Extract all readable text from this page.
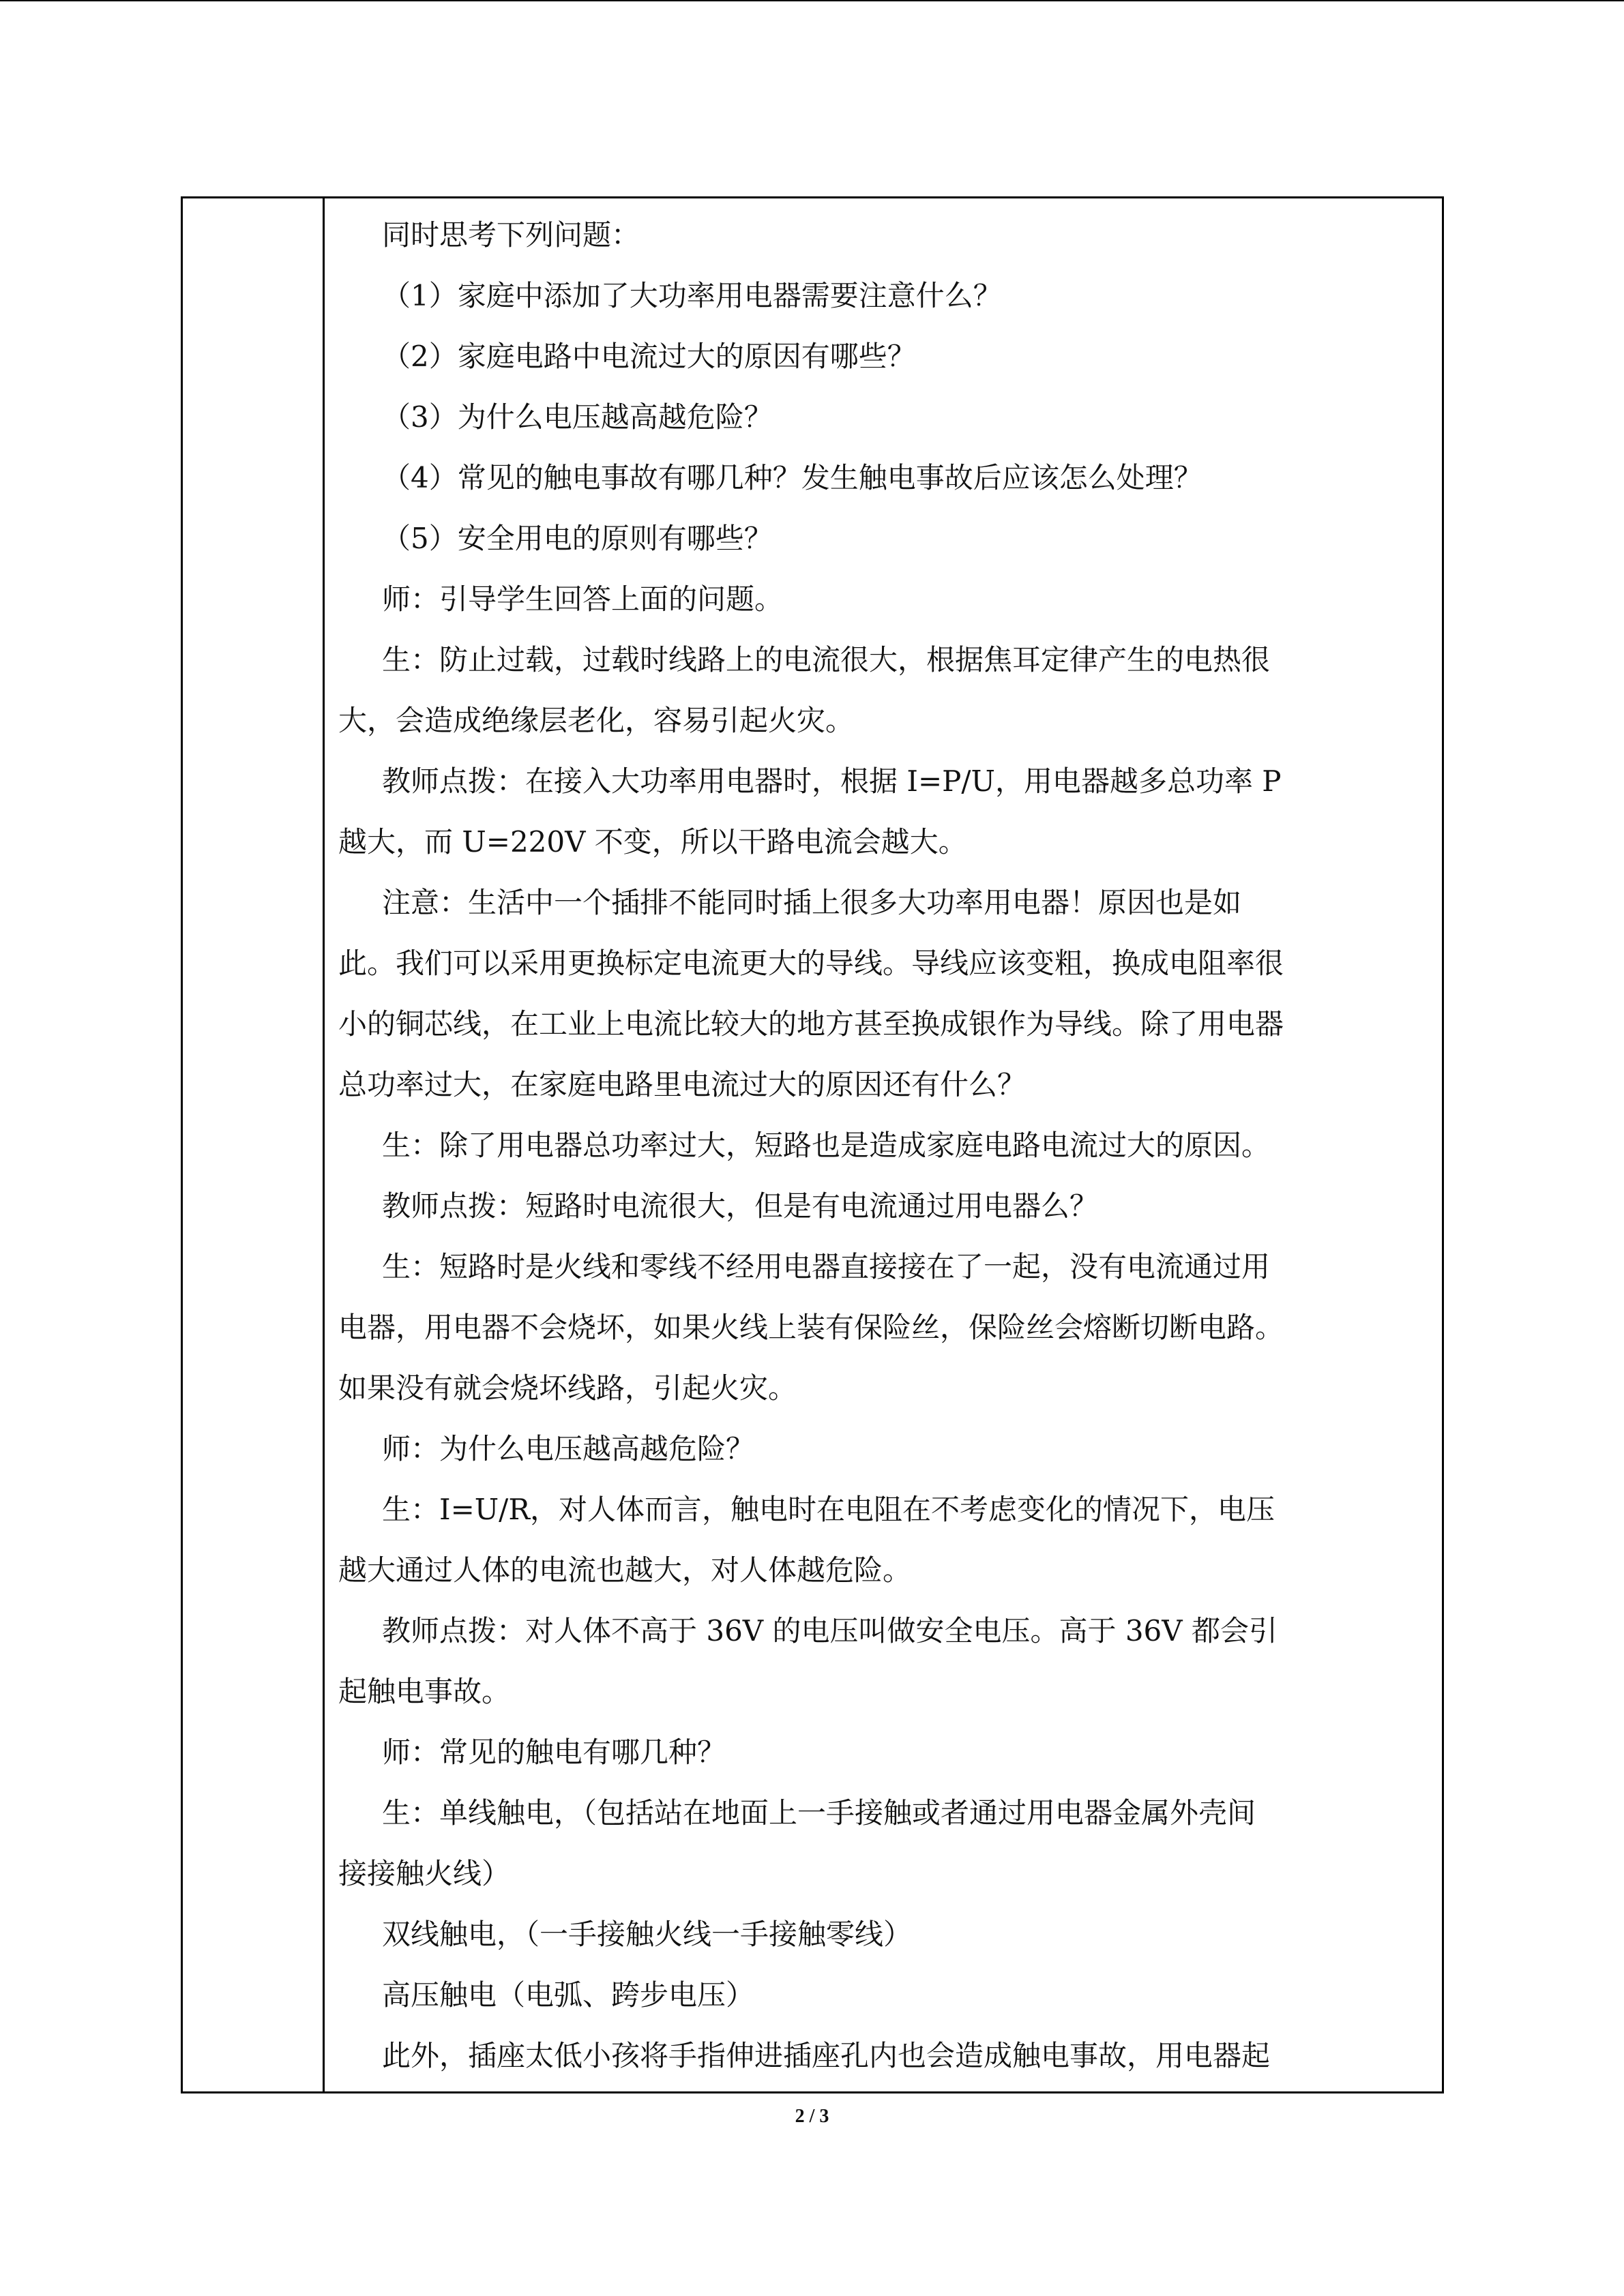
同时思考下列问题：
（1）家庭中添加了大功率用电器需要注意什么？
（2）家庭电路中电流过大的原因有哪些？
（3）为什么电压越高越危险？
（4）常见的触电事故有哪几种？发生触电事故后应该怎么处理？
（5）安全用电的原则有哪些？
师：引导学生回答上面的问题。
生：防止过载，过载时线路上的电流很大，根据焦耳定律产生的电热很
大，会造成绝缘层老化，容易引起火灾。
教师点拨：在接入大功率用电器时，根据 I=P/U，用电器越多总功率 P
越大，而 U=220V 不变，所以干路电流会越大。
注意：生活中一个插排不能同时插上很多大功率用电器！原因也是如
此。我们可以采用更换标定电流更大的导线。导线应该变粗，换成电阻率很
小的铜芯线，在工业上电流比较大的地方甚至换成银作为导线。除了用电器
总功率过大，在家庭电路里电流过大的原因还有什么？
生：除了用电器总功率过大，短路也是造成家庭电路电流过大的原因。
教师点拨：短路时电流很大，但是有电流通过用电器么？
生：短路时是火线和零线不经用电器直接接在了一起，没有电流通过用
电器，用电器不会烧坏，如果火线上装有保险丝，保险丝会熔断切断电路。
如果没有就会烧坏线路，引起火灾。
师：为什么电压越高越危险？
生：I=U/R，对人体而言，触电时在电阻在不考虑变化的情况下，电压
越大通过人体的电流也越大，对人体越危险。
教师点拨：对人体不高于 36V 的电压叫做安全电压。高于 36V 都会引
起触电事故。
师：常见的触电有哪几种？
生：单线触电，（包括站在地面上一手接触或者通过用电器金属外壳间
接接触火线）
双线触电，（一手接触火线一手接触零线）
高压触电（电弧、跨步电压）
此外，插座太低小孩将手指伸进插座孔内也会造成触电事故，用电器起
2 / 3
